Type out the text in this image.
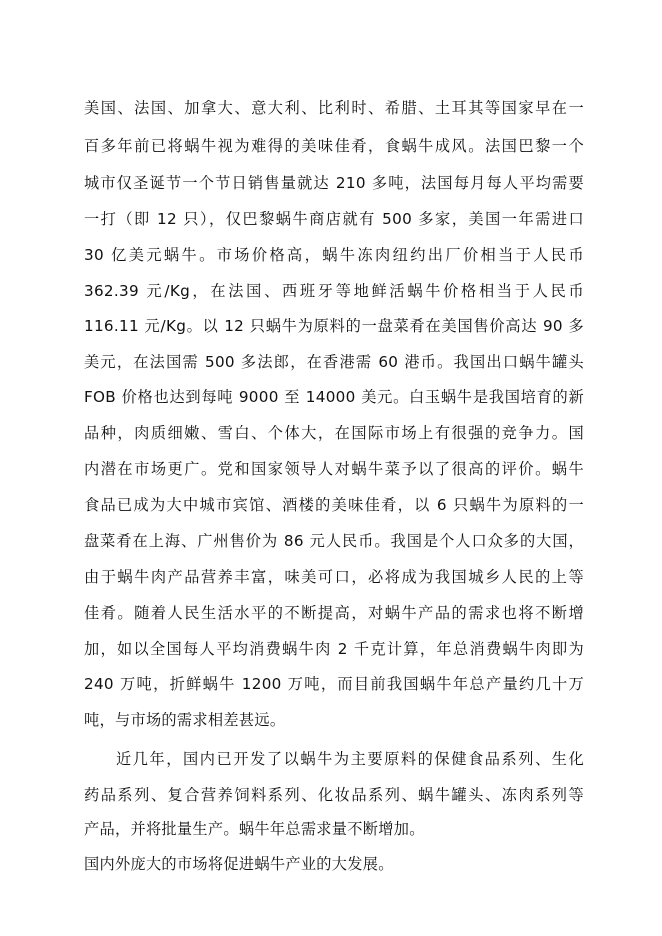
美国、法国、加拿大、意大利、比利时、希腊、土耳其等国家早在一
百多年前已将蜗牛视为难得的美味佳肴，食蜗牛成风。法国巴黎一个
城市仅圣诞节一个节日销售量就达 210 多吨，法国每月每人平均需要
一打（即 12 只），仅巴黎蜗牛商店就有 500 多家，美国一年需进口
30 亿美元蜗牛。市场价格高，蜗牛冻肉纽约出厂价相当于人民币
362.39 元/Kg，在法国、西班牙等地鲜活蜗牛价格相当于人民币
116.11 元/Kg。以 12 只蜗牛为原料的一盘菜肴在美国售价高达 90 多
美元，在法国需 500 多法郎，在香港需 60 港币。我国出口蜗牛罐头
FOB 价格也达到每吨 9000 至 14000 美元。白玉蜗牛是我国培育的新
品种，肉质细嫩、雪白、个体大，在国际市场上有很强的竞争力。国
内潜在市场更广。党和国家领导人对蜗牛菜予以了很高的评价。蜗牛
食品已成为大中城市宾馆、酒楼的美味佳肴，以 6 只蜗牛为原料的一
盘菜肴在上海、广州售价为 86 元人民币。我国是个人口众多的大国，
由于蜗牛肉产品营养丰富，味美可口，必将成为我国城乡人民的上等
佳肴。随着人民生活水平的不断提高，对蜗牛产品的需求也将不断增
加，如以全国每人平均消费蜗牛肉 2 千克计算，年总消费蜗牛肉即为
240 万吨，折鲜蜗牛 1200 万吨，而目前我国蜗牛年总产量约几十万
吨，与市场的需求相差甚远。
近几年，国内已开发了以蜗牛为主要原料的保健食品系列、生化
药品系列、复合营养饲料系列、化妆品系列、蜗牛罐头、冻肉系列等
产品，并将批量生产。蜗牛年总需求量不断增加。
国内外庞大的市场将促进蜗牛产业的大发展。
